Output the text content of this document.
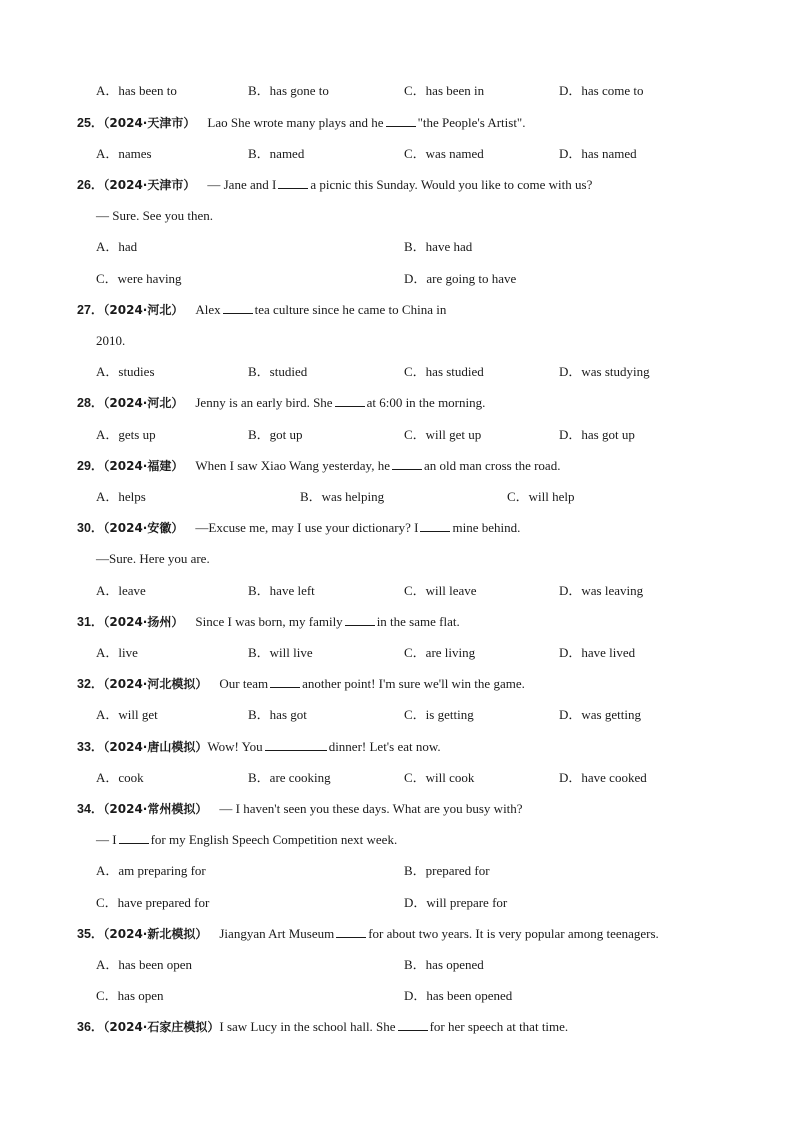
A．has been to	B．has gone to	C．has been in	D．has come to
25．（2024·天津市） Lao She wrote many plays and he	"the People's Artist".
A．names	B．named	C．was named	D．has named
26．（2024·天津市） — Jane and I	a picnic this Sunday. Would you like to come with us?
— Sure. See you then.
A．had	B．have had
C．were having	D．are going to have
27．（2024·河北） Alex	tea culture since he came to China in
2010.
A．studies	B．studied	C．has studied	D．was studying
28．（2024·河北） Jenny is an early bird. She	at 6:00 in the morning.
A．gets up	B．got up	C．will get up	D．has got up
29．（2024·福建） When I saw Xiao Wang yesterday, he	an old man cross the road.
A．helps	B．was helping	C．will help
30．（2024·安徽） —Excuse me, may I use your dictionary? I	mine behind.
—Sure. Here you are.
A．leave	B．have left	C．will leave	D．was leaving
31．（2024·扬州） Since I was born, my family	in the same flat.
A．live	B．will live	C．are living	D．have lived
32．（2024·河北模拟） Our team	another point! I'm sure we'll win the game.
A．will get	B．has got	C．is getting	D．was getting
33．（2024·唐山模拟）Wow! You	dinner! Let's eat now.
A．cook	B．are cooking	C．will cook	D．have cooked
34．（2024·常州模拟） — I haven't seen you these days. What are you busy with?
— I	for my English Speech Competition next week.
A．am preparing for	B．prepared for
C．have prepared for	D．will prepare for
35．（2024·新北模拟） Jiangyan Art Museum	for about two years. It is very popular among teenagers.
A．has been open	B．has opened
C．has open	D．has been opened
36．（2024·石家庄模拟）I saw Lucy in the school hall. She	for her speech at that time.
